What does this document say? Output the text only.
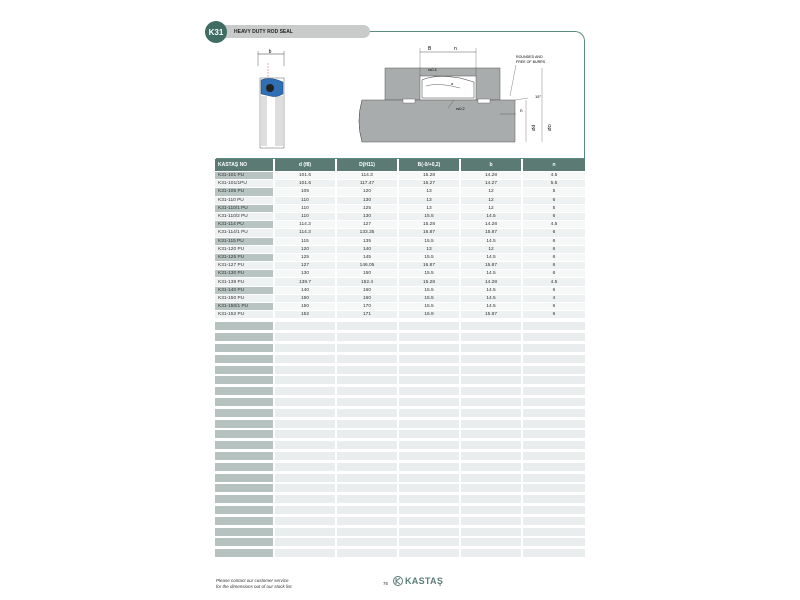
K31	HEAVY DUTY ROD SEAL
b	B	n
r≤0.4
α
r≤0.2
15°
ROUNDED AND
FREE OF BURRS
n
Ød ØD
KASTAŞ NO	d (f8)	D(H11)	B(-0/+0,2)	b	n
K31-101 PU	101.6	114.3	15.28	14.28	4.5
K31-101/1PU	101.6	117.47	15.27	14.27	5.5
K31-105 PU	105	120	13	12	5
K31-110 PU	110	130	13	12	6
K31-110/1 PU	110	125	13	12	5
K31-110/2 PU	110	130	15.5	14.5	6
K31-114 PU	114.3	127	15.28	14.28	4.5
K31-114/1 PU	114.3	133.35	16.87	15.87	6
K31-115 PU	115	135	15.5	14.5	6
K31-120 PU	120	140	13	12	6
K31-125 PU	125	145	15.5	14.5	6
K31-127 PU	127	146.05	16.87	15.87	6
K31-130 PU	130	150	15.5	14.5	6
K31-139 PU	139.7	152.4	15.28	14.28	4.5
K31-140 PU	140	160	15.5	14.5	6
K31-150 PU	150	160	15.5	14.5	4
K31-150/1 PU	150	170	15.5	14.5	6
K31-152 PU	152	171	16.9	15.87	6
Please contact our customer service
for the dimensions out of our stock list.
76 KASTAŞ
